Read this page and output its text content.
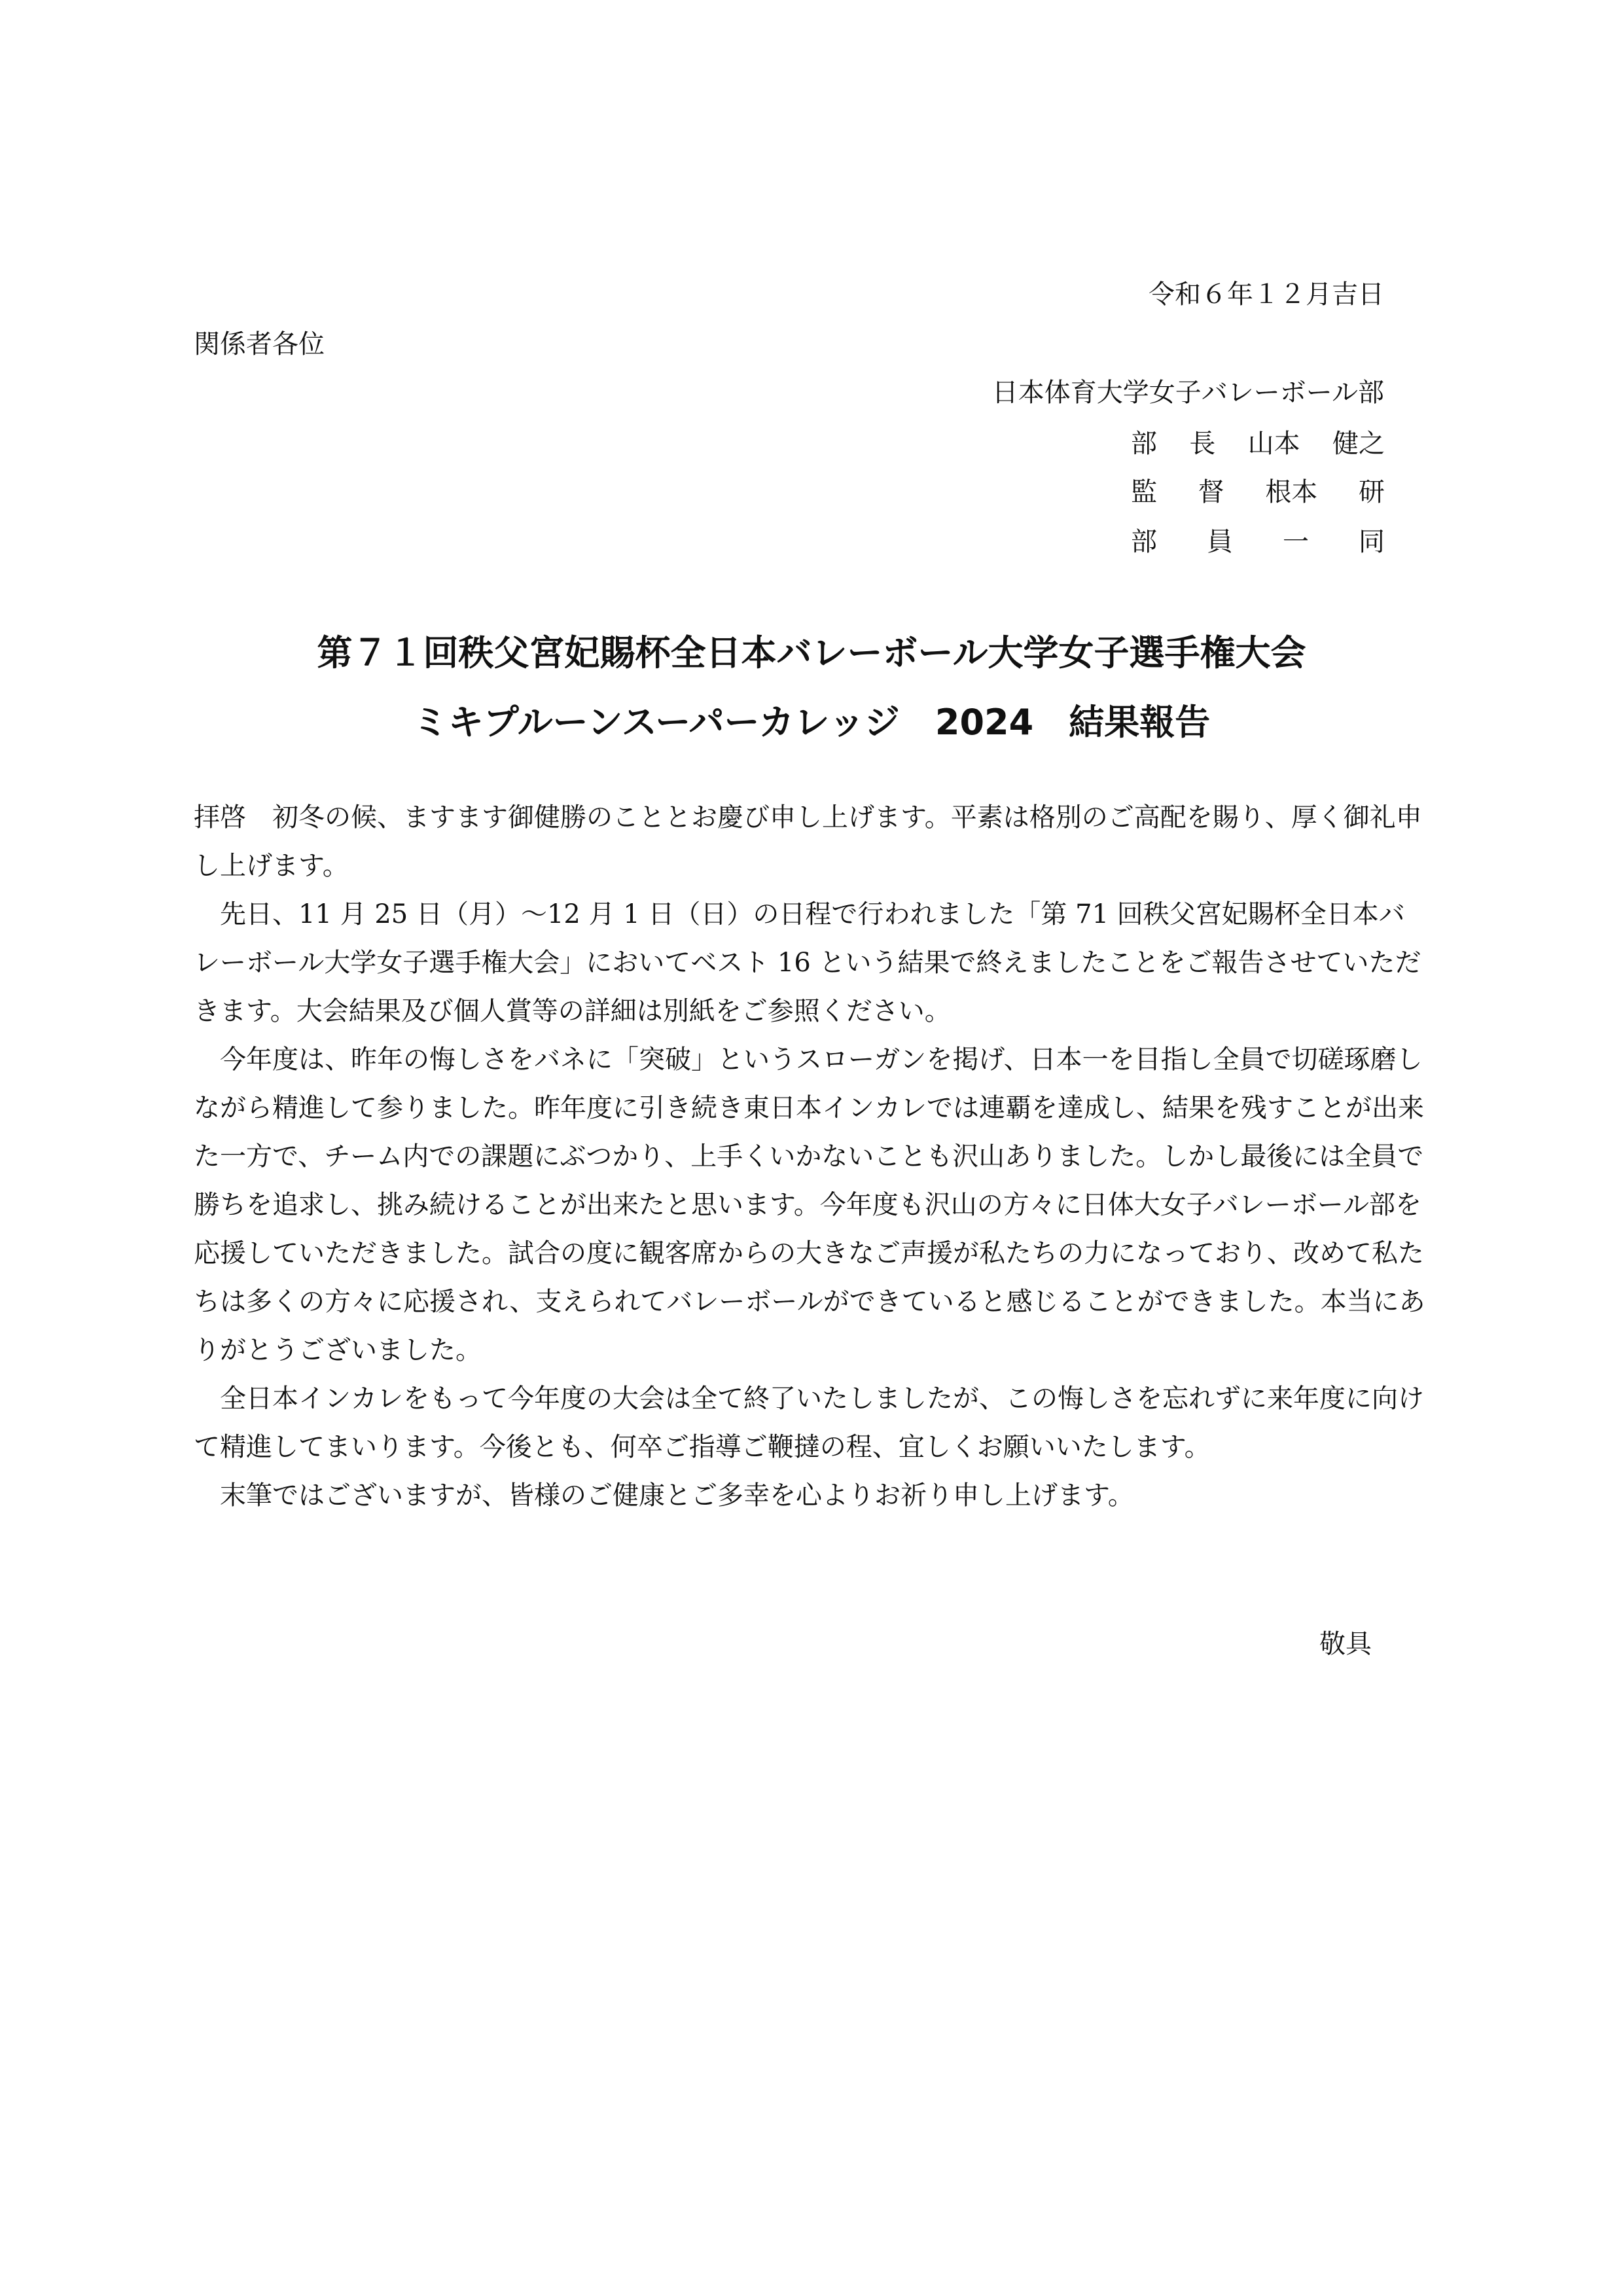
令和６年１２月吉日
関係者各位
日本体育大学女子バレーボール部
部 長 山本 健之
監 督 根本 研
部 員 一 同
第７１回秩父宮妃賜杯全日本バレーボール大学女子選手権大会
ミキプルーンスーパーカレッジ　2024　結果報告

拝啓　初冬の候、ますます御健勝のこととお慶び申し上げます。平素は格別のご高配を賜り、厚く御礼申し上げます。

先日、11 月 25 日（月）〜12 月 1 日（日）の日程で行われました「第 71 回秩父宮妃賜杯全日本バレーボール大学女子選手権大会」においてベスト 16 という結果で終えましたことをご報告させていただきます。大会結果及び個人賞等の詳細は別紙をご参照ください。

今年度は、昨年の悔しさをバネに「突破」というスローガンを掲げ、日本一を目指し全員で切磋琢磨しながら精進して参りました。昨年度に引き続き東日本インカレでは連覇を達成し、結果を残すことが出来た一方で、チーム内での課題にぶつかり、上手くいかないことも沢山ありました。しかし最後には全員で勝ちを追求し、挑み続けることが出来たと思います。今年度も沢山の方々に日体大女子バレーボール部を応援していただきました。試合の度に観客席からの大きなご声援が私たちの力になっており、改めて私たちは多くの方々に応援され、支えられてバレーボールができていると感じることができました。本当にありがとうございました。

全日本インカレをもって今年度の大会は全て終了いたしましたが、この悔しさを忘れずに来年度に向けて精進してまいります。今後とも、何卒ご指導ご鞭撻の程、宜しくお願いいたします。

末筆ではございますが、皆様のご健康とご多幸を心よりお祈り申し上げます。

敬具
